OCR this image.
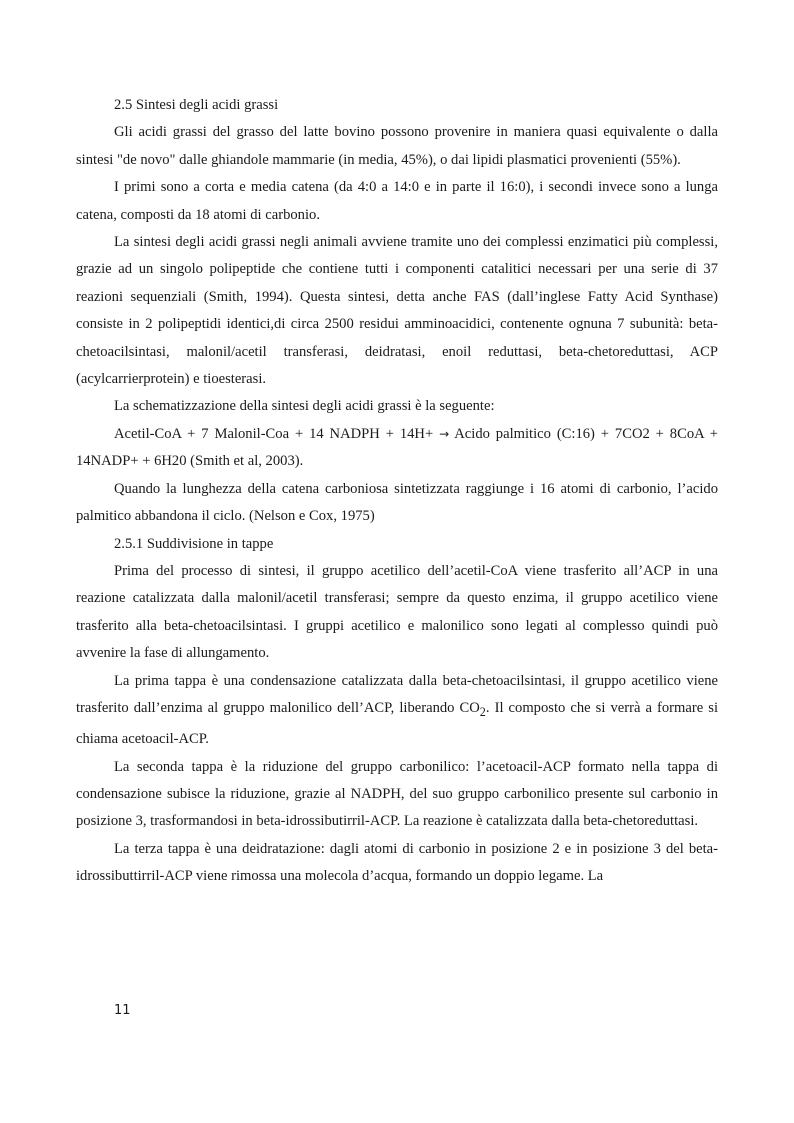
2.5 Sintesi degli acidi grassi

Gli acidi grassi del grasso del latte bovino possono provenire in maniera quasi equivalente o dalla sintesi "de novo" dalle ghiandole mammarie (in media, 45%), o dai lipidi plasmatici provenienti (55%).

I primi sono a corta e media catena (da 4:0 a 14:0 e in parte il 16:0), i secondi invece sono a lunga catena, composti da 18 atomi di carbonio.

La sintesi degli acidi grassi negli animali avviene tramite uno dei complessi enzimatici più complessi, grazie ad un singolo polipeptide che contiene tutti i componenti catalitici necessari per una serie di 37 reazioni sequenziali (Smith, 1994). Questa sintesi, detta anche FAS (dall’inglese Fatty Acid Synthase) consiste in 2 polipeptidi identici,di circa 2500 residui amminoacidici, contenente ognuna 7 subunità: beta-chetoacilsintasi, malonil/acetil transferasi, deidratasi, enoil reduttasi, beta-chetoreduttasi, ACP (acylcarrierprotein) e tioesterasi.

La schematizzazione della sintesi degli acidi grassi è la seguente:

Acetil-CoA + 7 Malonil-Coa + 14 NADPH + 14H+ → Acido palmitico (C:16) + 7CO2 + 8CoA + 14NADP+ + 6H20 (Smith et al, 2003).

Quando la lunghezza della catena carboniosa sintetizzata raggiunge i 16 atomi di carbonio, l’acido palmitico abbandona il ciclo. (Nelson e Cox, 1975)

2.5.1 Suddivisione in tappe

Prima del processo di sintesi, il gruppo acetilico dell’acetil-CoA viene trasferito all’ACP in una reazione catalizzata dalla malonil/acetil transferasi; sempre da questo enzima, il gruppo acetilico viene trasferito alla beta-chetoacilsintasi. I gruppi acetilico e malonilico sono legati al complesso quindi può avvenire la fase di allungamento.

La prima tappa è una condensazione catalizzata dalla beta-chetoacilsintasi, il gruppo acetilico viene trasferito dall’enzima al gruppo malonilico dell’ACP, liberando $CO_2$. Il composto che si verrà a formare si chiama acetoacil-ACP.

La seconda tappa è la riduzione del gruppo carbonilico: l’acetoacil-ACP formato nella tappa di condensazione subisce la riduzione, grazie al NADPH, del suo gruppo carbonilico presente sul carbonio in posizione 3, trasformandosi in beta-idrossibutirril-ACP. La reazione è catalizzata dalla beta-chetoreduttasi.

La terza tappa è una deidratazione: dagli atomi di carbonio in posizione 2 e in posizione 3 del beta-idrossibuttirril-ACP viene rimossa una molecola d’acqua, formando un doppio legame. La

11
